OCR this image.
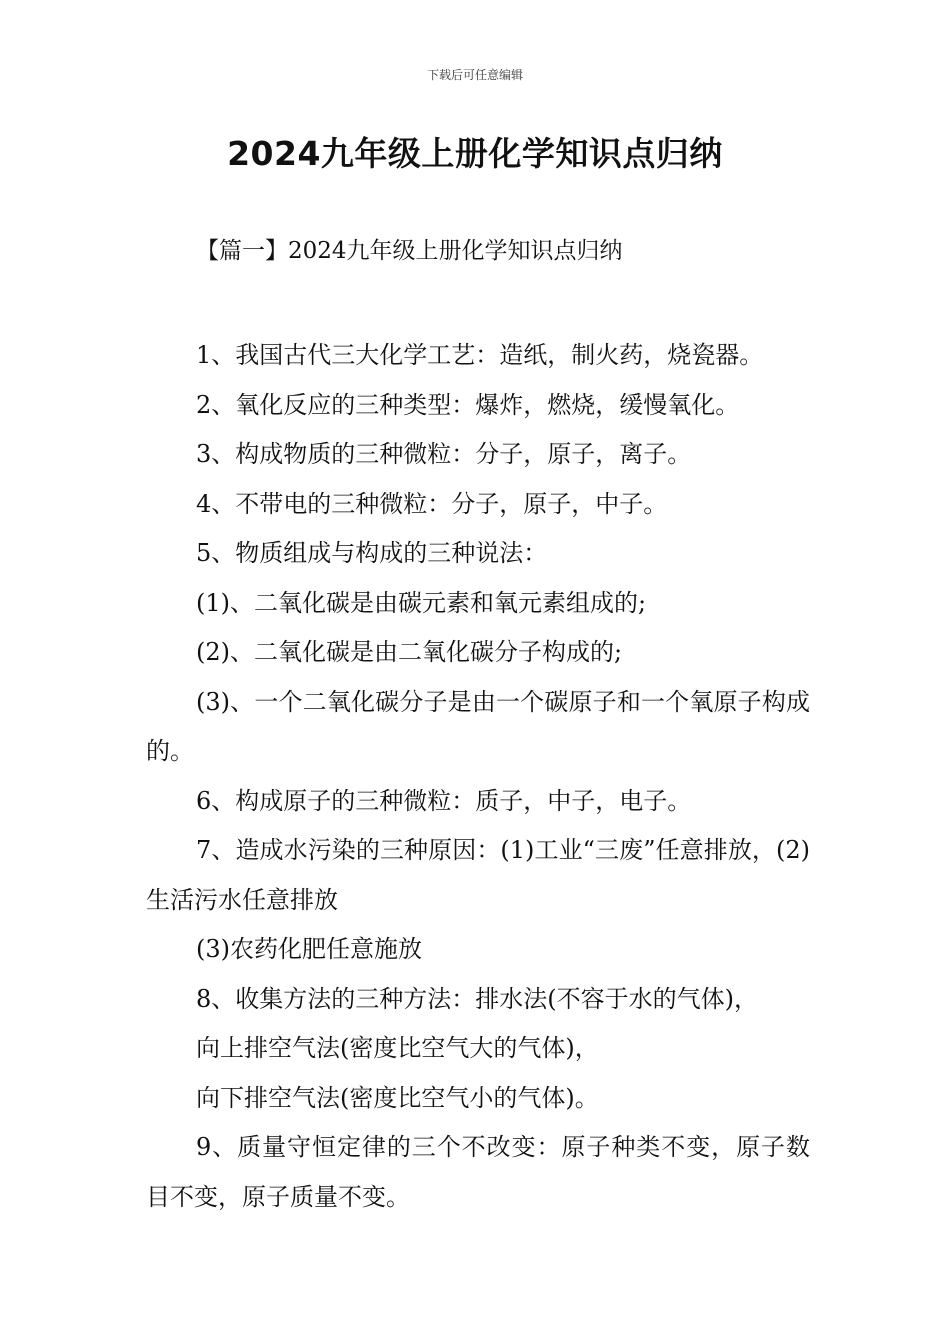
下载后可任意编辑
2024九年级上册化学知识点归纳
【篇一】2024九年级上册化学知识点归纳

1、我国古代三大化学工艺：造纸，制火药，烧瓷器。

2、氧化反应的三种类型：爆炸，燃烧，缓慢氧化。

3、构成物质的三种微粒：分子，原子，离子。

4、不带电的三种微粒：分子，原子，中子。

5、物质组成与构成的三种说法：

(1)、二氧化碳是由碳元素和氧元素组成的;

(2)、二氧化碳是由二氧化碳分子构成的;

(3)、一个二氧化碳分子是由一个碳原子和一个氧原子构成的。

6、构成原子的三种微粒：质子，中子，电子。

7、造成水污染的三种原因：(1)工业“三废”任意排放，(2)生活污水任意排放

(3)农药化肥任意施放

8、收集方法的三种方法：排水法(不容于水的气体)，

向上排空气法(密度比空气大的气体)，

向下排空气法(密度比空气小的气体)。

9、质量守恒定律的三个不改变：原子种类不变，原子数目不变，原子质量不变。
